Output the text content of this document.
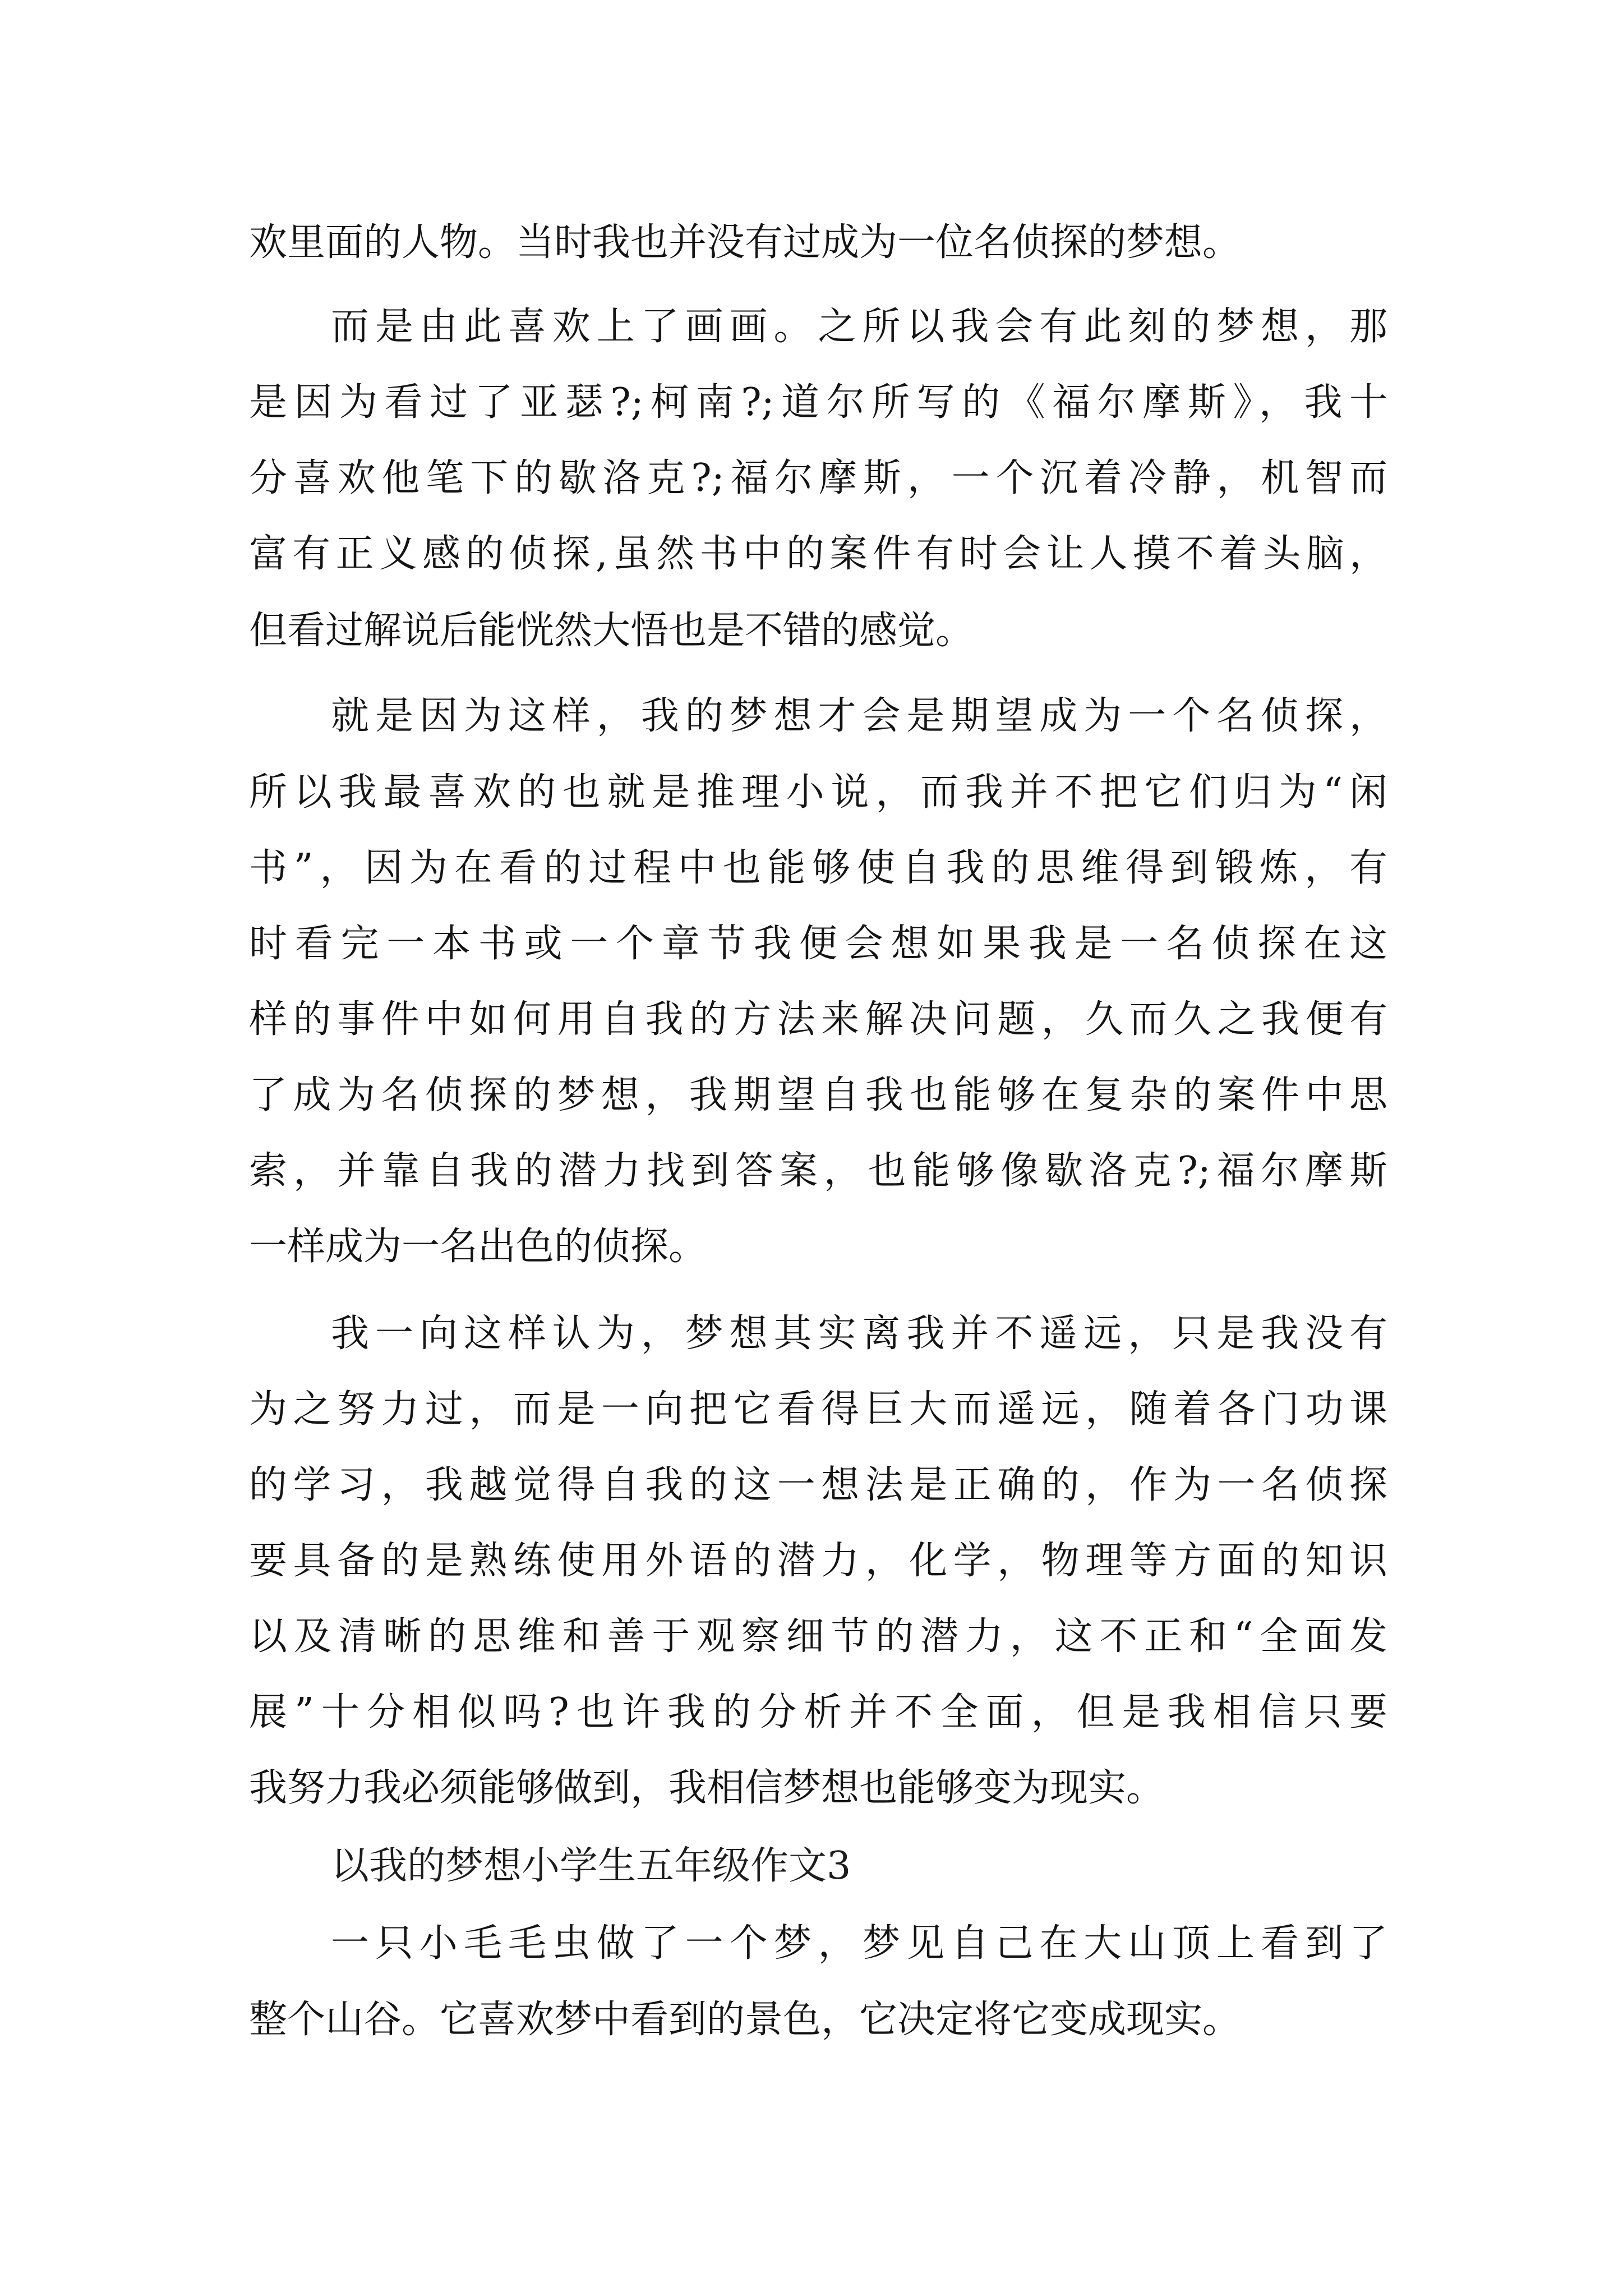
欢里面的人物。当时我也并没有过成为一位名侦探的梦想。
而是由此喜欢上了画画。之所以我会有此刻的梦想，那
是因为看过了亚瑟?;柯南?;道尔所写的《福尔摩斯》，我十
分喜欢他笔下的歇洛克?;福尔摩斯，一个沉着冷静，机智而
富有正义感的侦探,虽然书中的案件有时会让人摸不着头脑，
但看过解说后能恍然大悟也是不错的感觉。
就是因为这样，我的梦想才会是期望成为一个名侦探，
所以我最喜欢的也就是推理小说，而我并不把它们归为“闲
书”，因为在看的过程中也能够使自我的思维得到锻炼，有
时看完一本书或一个章节我便会想如果我是一名侦探在这
样的事件中如何用自我的方法来解决问题，久而久之我便有
了成为名侦探的梦想，我期望自我也能够在复杂的案件中思
索，并靠自我的潜力找到答案，也能够像歇洛克?;福尔摩斯
一样成为一名出色的侦探。
我一向这样认为，梦想其实离我并不遥远，只是我没有
为之努力过，而是一向把它看得巨大而遥远，随着各门功课
的学习，我越觉得自我的这一想法是正确的，作为一名侦探
要具备的是熟练使用外语的潜力，化学，物理等方面的知识
以及清晰的思维和善于观察细节的潜力，这不正和“全面发
展”十分相似吗?也许我的分析并不全面，但是我相信只要
我努力我必须能够做到，我相信梦想也能够变为现实。
以我的梦想小学生五年级作文3
一只小毛毛虫做了一个梦，梦见自己在大山顶上看到了
整个山谷。它喜欢梦中看到的景色，它决定将它变成现实。
